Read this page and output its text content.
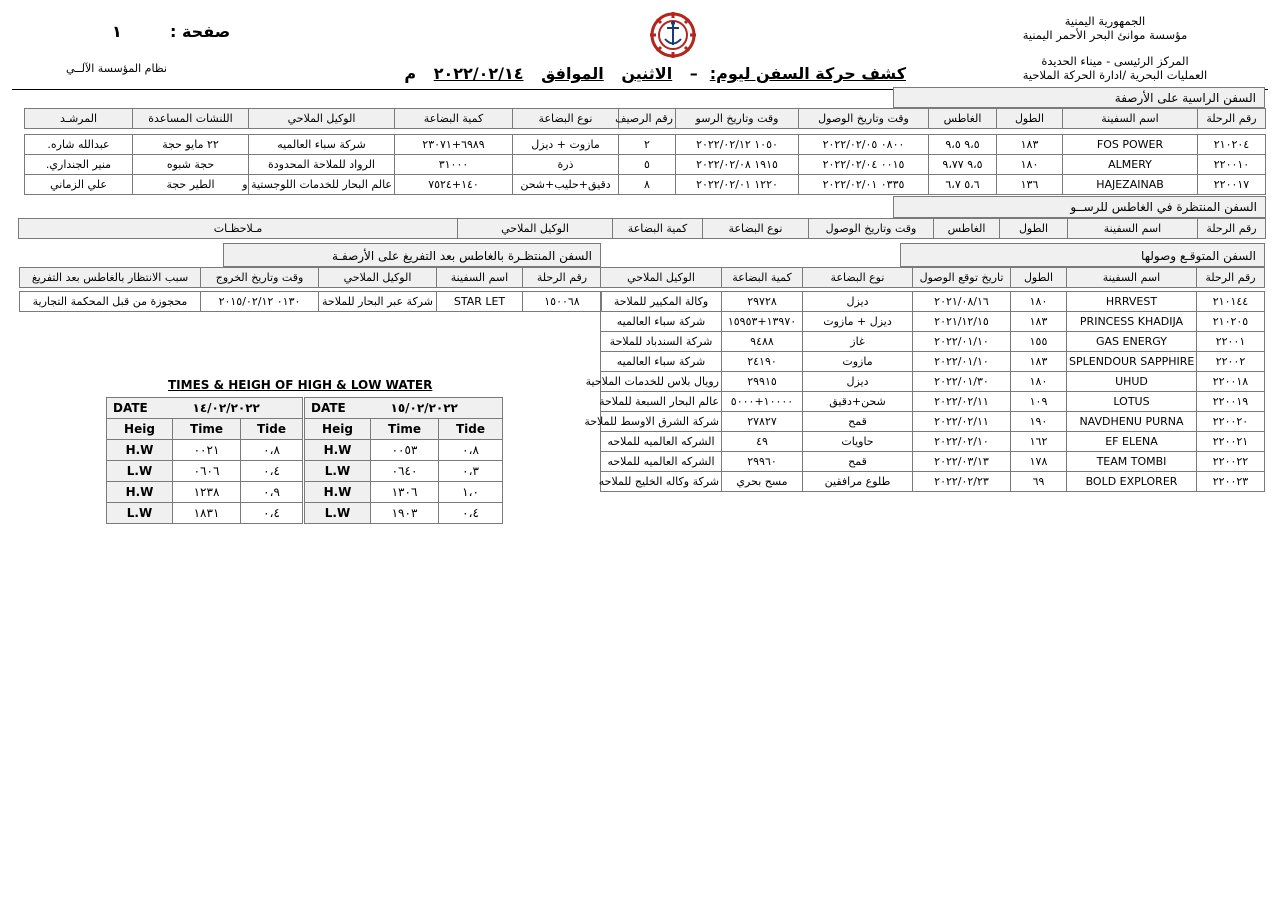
الجمهورية اليمنية
مؤسسة موانئ البحر الأحمر اليمنية
المركز الرئيسى - ميناء الحديدة
العمليات البحرية /ادارة الحركة الملاحية
صفحة :
١
نظام المؤسسة الآلــي	كشف حركة السفن ليوم:– الاثنين الموافق ٢٠٢٢/٠٢/١٤ م
السفن الراسية على الأرصفة
رقم الرحلة	اسم السفينة	الطول	الغاطس	وقت وتاريخ الوصول	وقت وتاريخ الرسو	رقم الرصيف	نوع البضاعة	كمية البضاعة	الوكيل الملاحي	اللنشات المساعدة	المرشـد

٢١٠٢٠٤	FOS POWER	١٨٣	٩،٥ ٩،٥	٠٨٠٠ ٢٠٢٢/٠٢/٠٥	١٠٥٠ ٢٠٢٢/٠٢/١٢	٢	مازوت + ديزل	٦٩٨٩+٢٣٠٧١	شركة سباء العالميه	٢٢ مايو حجة	عبدالله شاره.
٢٢٠٠١٠	ALMERY	١٨٠	٩،٥ ٩،٧٧	٠٠١٥ ٢٠٢٢/٠٢/٠٤	١٩١٥ ٢٠٢٢/٠٢/٠٨	٥	ذرة	٣١٠٠٠	الرواد للملاحة المحدودة	حجة شبوه	منير الجنداري.
٢٢٠٠١٧	HAJEZAINAB	١٣٦	٥،٦ ٦،٧	٠٣٣٥ ٢٠٢٢/٠٢/٠١	١٢٢٠ ٢٠٢٢/٠٢/٠١	٨	دقيق+حليب+شحن	١٤٠+٧٥٢٤	عالم البحار للخدمات اللوجستية و	الطير حجة	علي الزماني
السفن المنتظرة في الغاطس للرســو
رقم الرحلة	اسم السفينة	الطول	الغاطس	وقت وتاريخ الوصول	نوع البضاعة	كمية البضاعة	الوكيل الملاحي	مـلاحظـات
السفن المنتظـرة بالغاطس بعد التفريغ على الأرصفـة
رقم الرحلة	اسم السفينة	الوكيل الملاحي	وقت وتاريخ الخروج	سبب الانتظار بالغاطس بعد التفريغ

١٥٠٠٦٨	STAR LET	شركة عبر البحار للملاحة	٠١٣٠ ٢٠١٥/٠٢/١٢	محجوزة من قبل المحكمة التجارية
السفن المتوقـع وصولها
رقم الرحلة	اسم السفينة	الطول	تاريخ توقع الوصول	نوع البضاعة	كمية البضاعة	الوكيل الملاحي

٢١٠١٤٤	HRRVEST	١٨٠	٢٠٢١/٠٨/١٦	ديزل	٢٩٧٢٨	وكالة المكيير للملاحة
٢١٠٢٠٥	PRINCESS KHADIJA	١٨٣	٢٠٢١/١٢/١٥	ديزل + مازوت	١٣٩٧٠+١٥٩٥٣	شركة سباء العالميه
٢٢٠٠١	GAS ENERGY	١٥٥	٢٠٢٢/٠١/١٠	غاز	٩٤٨٨	شركة السندباد للملاحة
٢٢٠٠٢	SPLENDOUR SAPPHIRE	١٨٣	٢٠٢٢/٠١/١٠	مازوت	٢٤١٩٠	شركة سباء العالميه
٢٢٠٠١٨	UHUD	١٨٠	٢٠٢٢/٠١/٣٠	ديزل	٢٩٩١٥	رويال بلاس للخدمات الملاحية
٢٢٠٠١٩	LOTUS	١٠٩	٢٠٢٢/٠٢/١١	شحن+دقيق	١٠٠٠٠+٥٠٠٠	عالم البحار السبعة للملاحة
٢٢٠٠٢٠	NAVDHENU PURNA	١٩٠	٢٠٢٢/٠٢/١١	قمح	٢٧٨٢٧	شركة الشرق الاوسط للملاحة
٢٢٠٠٢١	EF ELENA	١٦٢	٢٠٢٢/٠٢/١٠	حاويات	٤٩	الشركه العالميه للملاحه
٢٢٠٠٢٢	TEAM TOMBI	١٧٨	٢٠٢٢/٠٣/١٣	قمح	٢٩٩٦٠	الشركه العالميه للملاحه
٢٢٠٠٢٣	BOLD EXPLORER	٦٩	٢٠٢٢/٠٢/٢٣	طلوع مرافقين	مسح بحري	شركة وكاله الخليج للملاحه
TIMES & HEIGH OF HIGH & LOW WATER
DATE	١٤/٠٢/٢٠٢٢	
Heig	Time	Tide
H.W	٠٠٢١	٠،٨
L.W	٠٦٠٦	٠،٤
H.W	١٢٣٨	٠،٩
L.W	١٨٣١	٠،٤
DATE	١٥/٠٢/٢٠٢٢	
Heig	Time	Tide
H.W	٠٠٥٣	٠،٨
L.W	٠٦٤٠	٠،٣
H.W	١٣٠٦	١،٠
L.W	١٩٠٣	٠،٤
